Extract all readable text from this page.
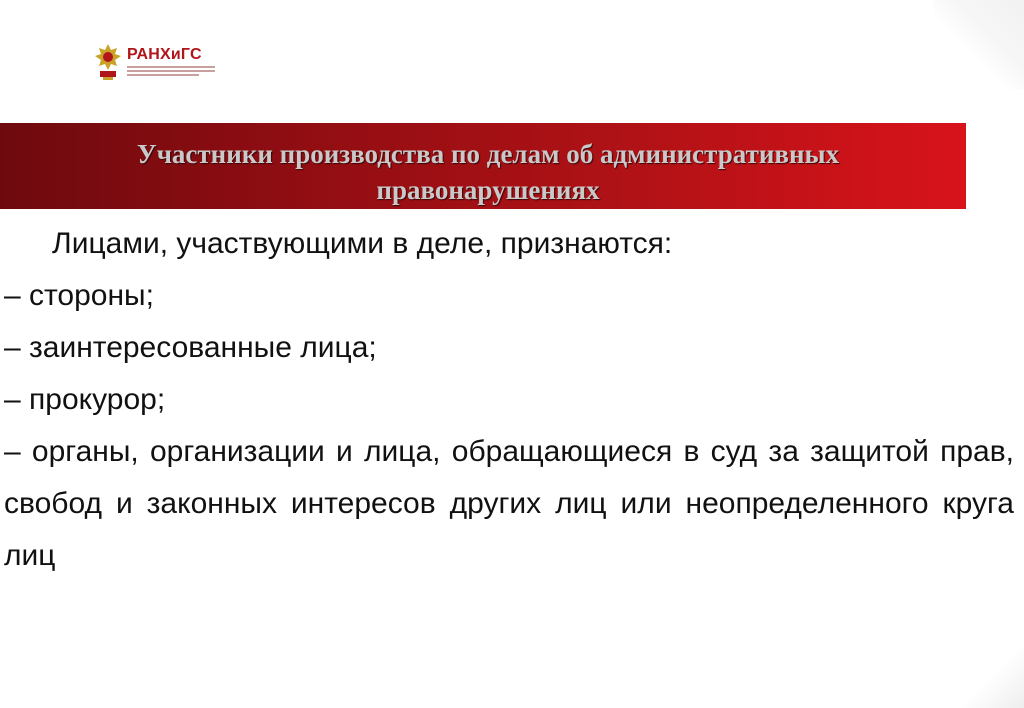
РАНХиГС
Участники производства по делам об административных
правонарушениях

Лицами, участвующими в деле, признаются:

– стороны;

– заинтересованные лица;

– прокурор;

– органы, организации и лица, обращающиеся в суд за защитой прав, свобод и законных интересов других лиц или неопределенного круга лиц
